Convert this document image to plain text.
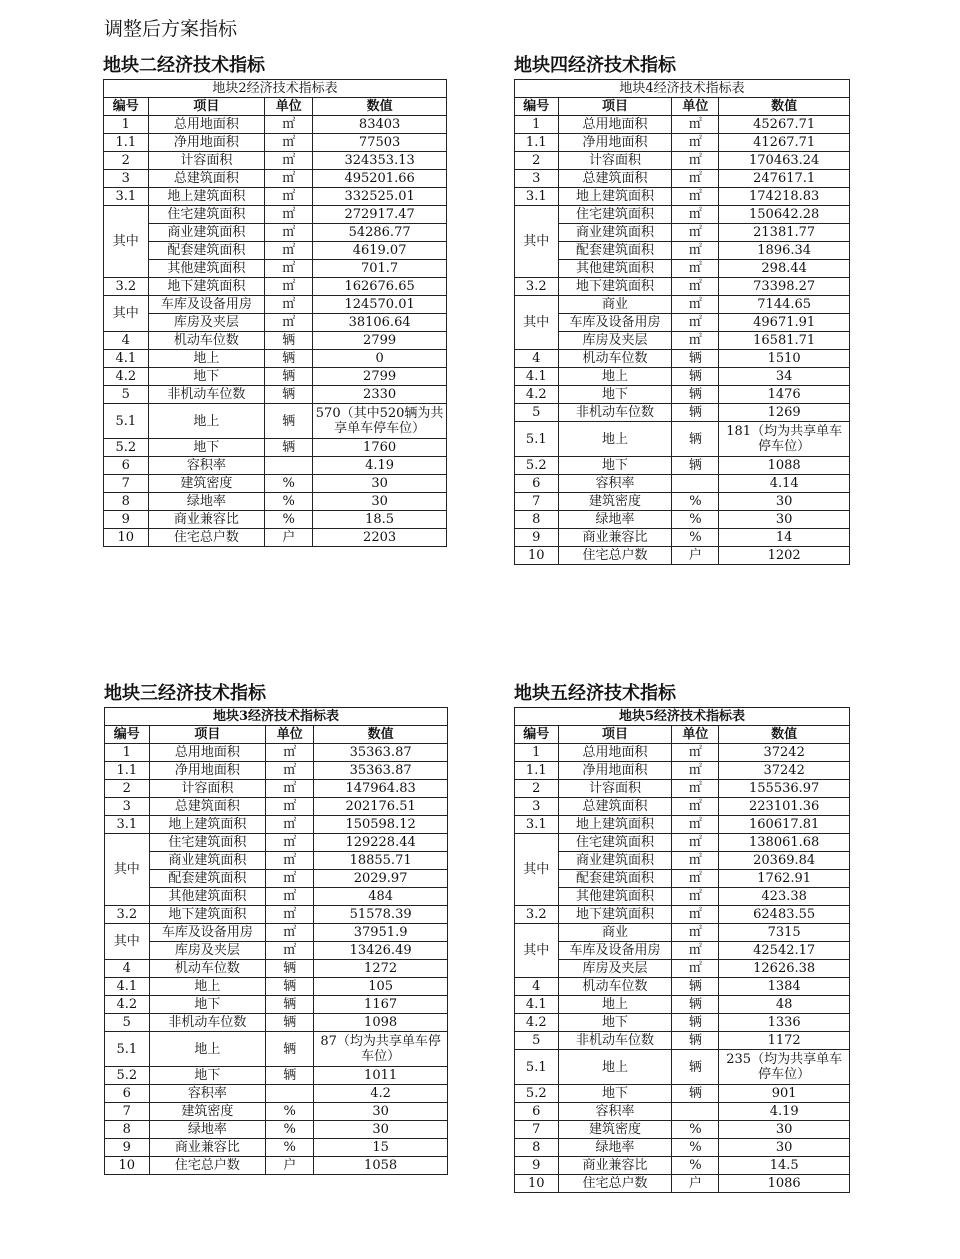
调整后方案指标
地块二经济技术指标
地块2经济技术指标表			
编号	项目	单位	数值
1	总用地面积	㎡	83403
1.1	净用地面积	㎡	77503
2	计容面积	㎡	324353.13
3	总建筑面积	㎡	495201.66
3.1	地上建筑面积	㎡	332525.01
其中	住宅建筑面积	㎡	272917.47
	商业建筑面积	㎡	54286.77
	配套建筑面积	㎡	4619.07
	其他建筑面积	㎡	701.7
3.2	地下建筑面积	㎡	162676.65
其中	车库及设备用房	㎡	124570.01
	库房及夹层	㎡	38106.64
4	机动车位数	辆	2799
4.1	地上	辆	0
4.2	地下	辆	2799
5	非机动车位数	辆	2330
5.1	地上	辆	570（其中520辆为共享单车停车位）
5.2	地下	辆	1760
6	容积率		4.19
7	建筑密度	%	30
8	绿地率	%	30
9	商业兼容比	%	18.5
10	住宅总户数	户	2203
地块四经济技术指标
地块4经济技术指标表			
编号	项目	单位	数值
1	总用地面积	㎡	45267.71
1.1	净用地面积	㎡	41267.71
2	计容面积	㎡	170463.24
3	总建筑面积	㎡	247617.1
3.1	地上建筑面积	㎡	174218.83
其中	住宅建筑面积	㎡	150642.28
	商业建筑面积	㎡	21381.77
	配套建筑面积	㎡	1896.34
	其他建筑面积	㎡	298.44
3.2	地下建筑面积	㎡	73398.27
其中	商业	㎡	7144.65
	车库及设备用房	㎡	49671.91
	库房及夹层	㎡	16581.71
4	机动车位数	辆	1510
4.1	地上	辆	34
4.2	地下	辆	1476
5	非机动车位数	辆	1269
5.1	地上	辆	181（均为共享单车停车位）
5.2	地下	辆	1088
6	容积率		4.14
7	建筑密度	%	30
8	绿地率	%	30
9	商业兼容比	%	14
10	住宅总户数	户	1202
地块三经济技术指标
地块3经济技术指标表			
编号	项目	单位	数值
1	总用地面积	㎡	35363.87
1.1	净用地面积	㎡	35363.87
2	计容面积	㎡	147964.83
3	总建筑面积	㎡	202176.51
3.1	地上建筑面积	㎡	150598.12
其中	住宅建筑面积	㎡	129228.44
	商业建筑面积	㎡	18855.71
	配套建筑面积	㎡	2029.97
	其他建筑面积	㎡	484
3.2	地下建筑面积	㎡	51578.39
其中	车库及设备用房	㎡	37951.9
	库房及夹层	㎡	13426.49
4	机动车位数	辆	1272
4.1	地上	辆	105
4.2	地下	辆	1167
5	非机动车位数	辆	1098
5.1	地上	辆	87（均为共享单车停车位）
5.2	地下	辆	1011
6	容积率		4.2
7	建筑密度	%	30
8	绿地率	%	30
9	商业兼容比	%	15
10	住宅总户数	户	1058
地块五经济技术指标
地块5经济技术指标表			
编号	项目	单位	数值
1	总用地面积	㎡	37242
1.1	净用地面积	㎡	37242
2	计容面积	㎡	155536.97
3	总建筑面积	㎡	223101.36
3.1	地上建筑面积	㎡	160617.81
其中	住宅建筑面积	㎡	138061.68
	商业建筑面积	㎡	20369.84
	配套建筑面积	㎡	1762.91
	其他建筑面积	㎡	423.38
3.2	地下建筑面积	㎡	62483.55
其中	商业	㎡	7315
	车库及设备用房	㎡	42542.17
	库房及夹层	㎡	12626.38
4	机动车位数	辆	1384
4.1	地上	辆	48
4.2	地下	辆	1336
5	非机动车位数	辆	1172
5.1	地上	辆	235（均为共享单车停车位）
5.2	地下	辆	901
6	容积率		4.19
7	建筑密度	%	30
8	绿地率	%	30
9	商业兼容比	%	14.5
10	住宅总户数	户	1086
